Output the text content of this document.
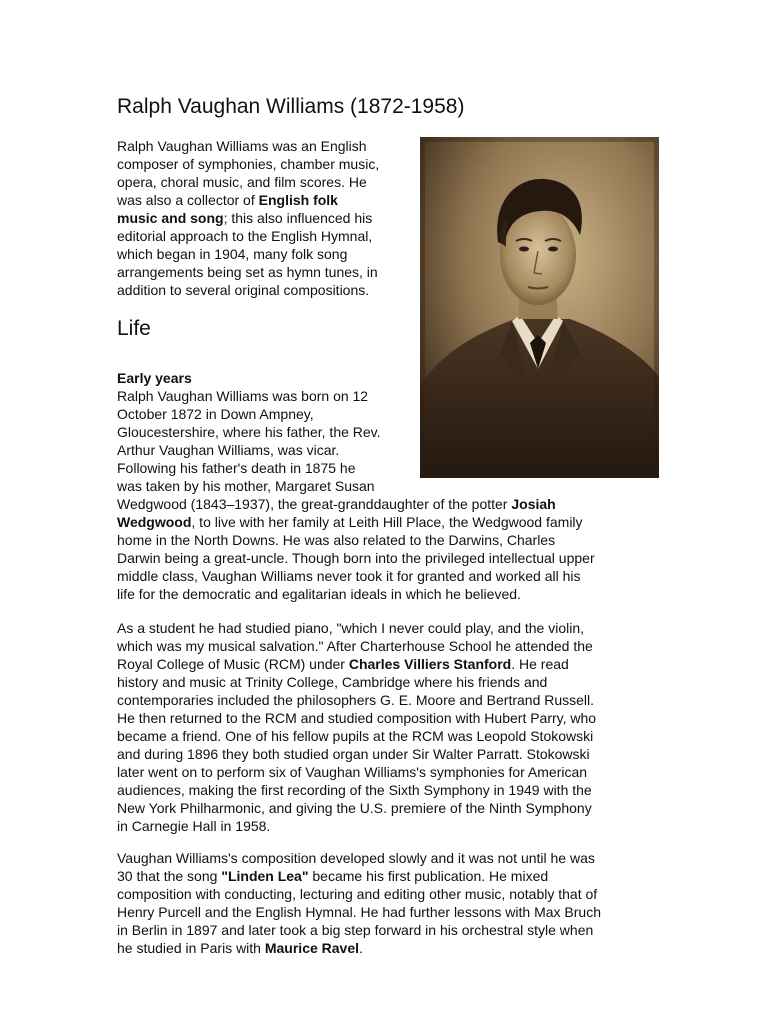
Ralph Vaughan Williams (1872-1958)

Ralph Vaughan Williams was an English
composer of symphonies, chamber music,
opera, choral music, and film scores. He
was also a collector of English folk
music and song; this also influenced his
editorial approach to the English Hymnal,
which began in 1904, many folk song
arrangements being set as hymn tunes, in
addition to several original compositions.

Life

Early years
Ralph Vaughan Williams was born on 12
October 1872 in Down Ampney,
Gloucestershire, where his father, the Rev.
Arthur Vaughan Williams, was vicar.
Following his father's death in 1875 he
was taken by his mother, Margaret Susan
Wedgwood (1843–1937), the great-granddaughter of the potter Josiah
Wedgwood, to live with her family at Leith Hill Place, the Wedgwood family
home in the North Downs. He was also related to the Darwins, Charles
Darwin being a great-uncle. Though born into the privileged intellectual upper
middle class, Vaughan Williams never took it for granted and worked all his
life for the democratic and egalitarian ideals in which he believed.

As a student he had studied piano, "which I never could play, and the violin,
which was my musical salvation." After Charterhouse School he attended the
Royal College of Music (RCM) under Charles Villiers Stanford. He read
history and music at Trinity College, Cambridge where his friends and
contemporaries included the philosophers G. E. Moore and Bertrand Russell.
He then returned to the RCM and studied composition with Hubert Parry, who
became a friend. One of his fellow pupils at the RCM was Leopold Stokowski
and during 1896 they both studied organ under Sir Walter Parratt. Stokowski
later went on to perform six of Vaughan Williams's symphonies for American
audiences, making the first recording of the Sixth Symphony in 1949 with the
New York Philharmonic, and giving the U.S. premiere of the Ninth Symphony
in Carnegie Hall in 1958.

Vaughan Williams's composition developed slowly and it was not until he was
30 that the song "Linden Lea" became his first publication. He mixed
composition with conducting, lecturing and editing other music, notably that of
Henry Purcell and the English Hymnal. He had further lessons with Max Bruch
in Berlin in 1897 and later took a big step forward in his orchestral style when
he studied in Paris with Maurice Ravel.
